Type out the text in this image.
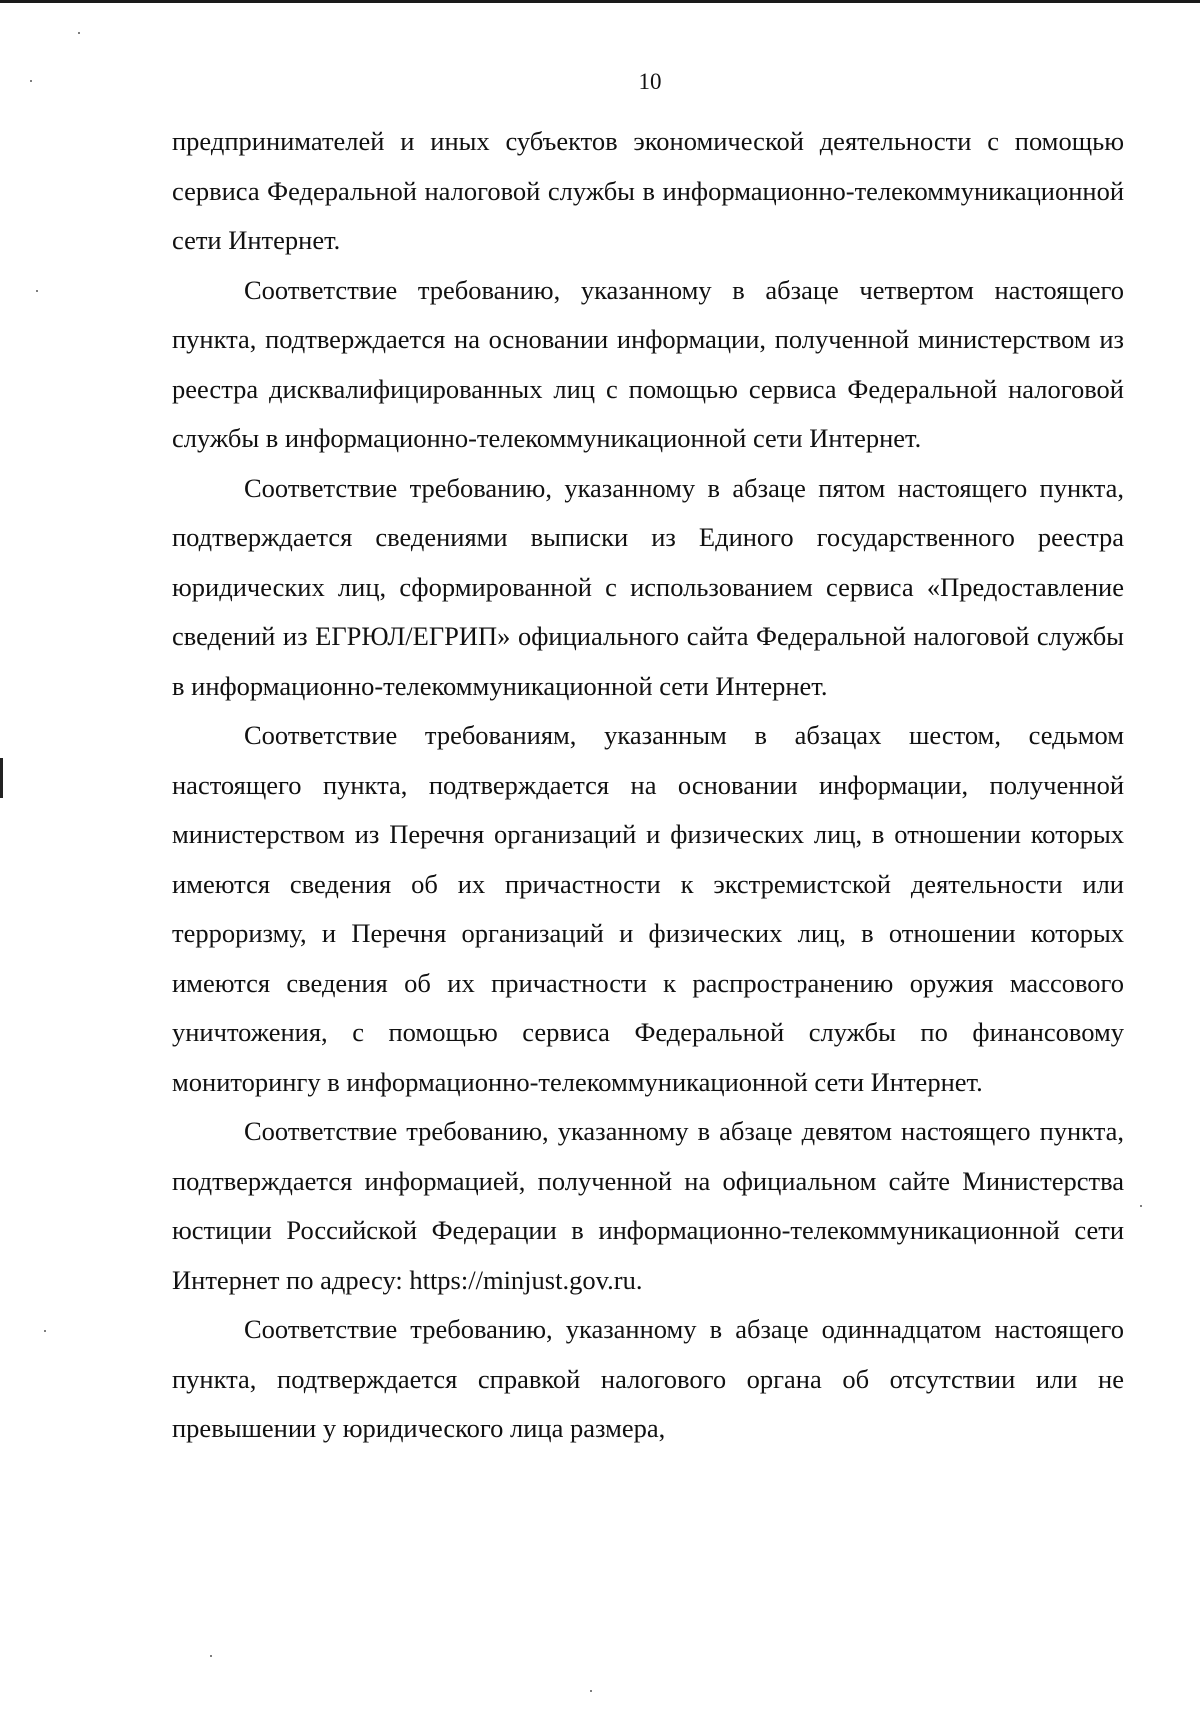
10

предпринимателей и иных субъектов экономической деятельности с помощью сервиса Федеральной налоговой службы в информационно-телекоммуникационной сети Интернет.

Соответствие требованию, указанному в абзаце четвертом настоящего пункта, подтверждается на основании информации, полученной министерством из реестра дисквалифицированных лиц с помощью сервиса Федеральной налоговой службы в информационно-телекоммуникационной сети Интернет.

Соответствие требованию, указанному в абзаце пятом настоящего пункта, подтверждается сведениями выписки из Единого государственного реестра юридических лиц, сформированной с использованием сервиса «Предоставление сведений из ЕГРЮЛ/ЕГРИП» официального сайта Федеральной налоговой службы в информационно-телекоммуникационной сети Интернет.

Соответствие требованиям, указанным в абзацах шестом, седьмом настоящего пункта, подтверждается на основании информации, полученной министерством из Перечня организаций и физических лиц, в отношении которых имеются сведения об их причастности к экстремистской деятельности или терроризму, и Перечня организаций и физических лиц, в отношении которых имеются сведения об их причастности к распространению оружия массового уничтожения, с помощью сервиса Федеральной службы по финансовому мониторингу в информационно-телекоммуникационной сети Интернет.

Соответствие требованию, указанному в абзаце девятом настоящего пункта, подтверждается информацией, полученной на официальном сайте Министерства юстиции Российской Федерации в информационно-телекоммуникационной сети Интернет по адресу: https://minjust.gov.ru.

Соответствие требованию, указанному в абзаце одиннадцатом настоящего пункта, подтверждается справкой налогового органа об отсутствии или не превышении у юридического лица размера,
